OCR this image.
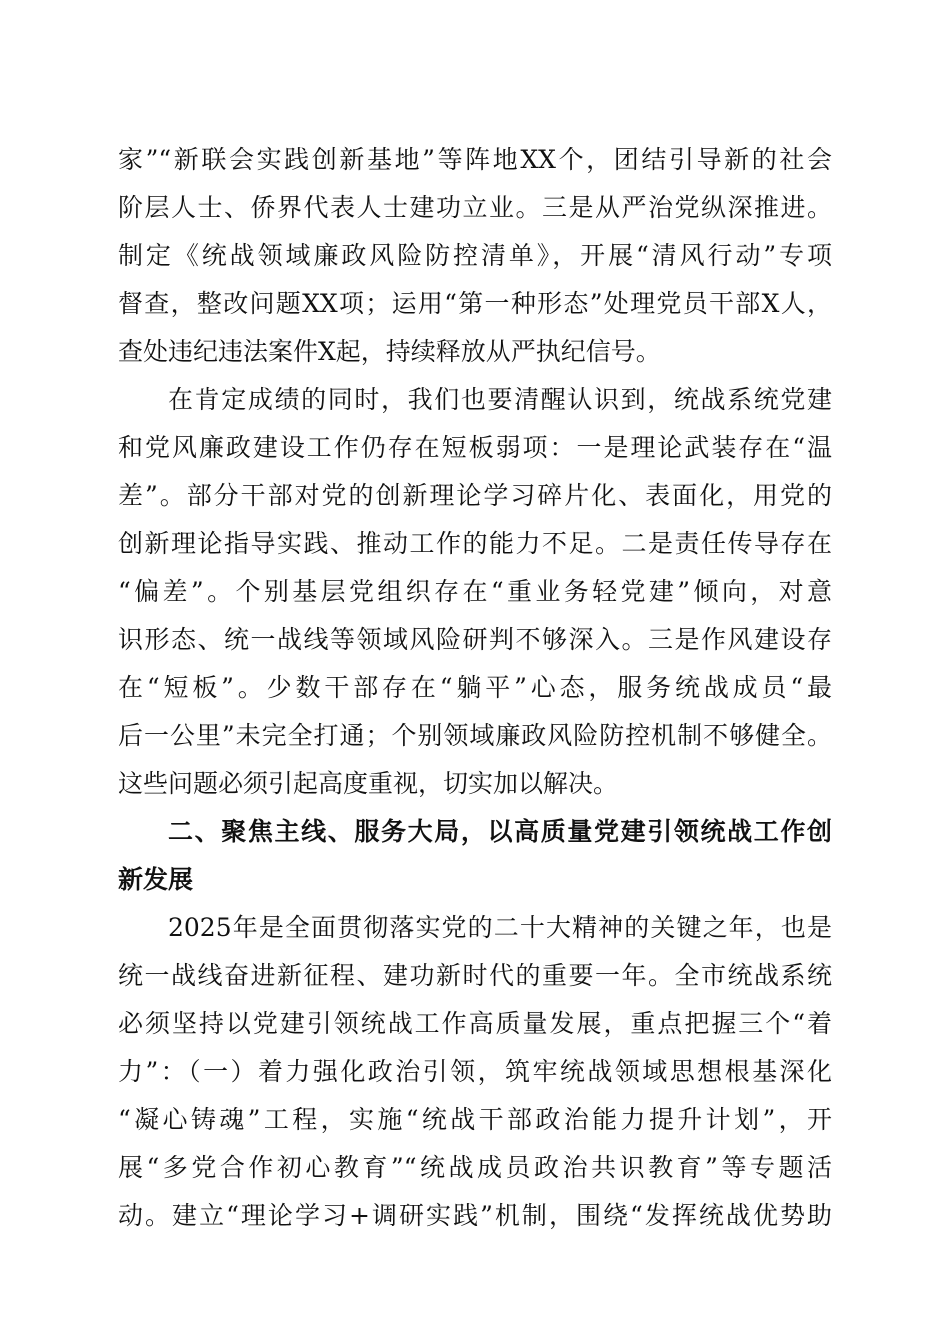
家”“新联会实践创新基地”等阵地XX个，团结引导新的社会
阶层人士、侨界代表人士建功立业。三是从严治党纵深推进。
制定《统战领域廉政风险防控清单》，开展“清风行动”专项
督查，整改问题XX项；运用“第一种形态”处理党员干部X人，
查处违纪违法案件X起，持续释放从严执纪信号。
在肯定成绩的同时，我们也要清醒认识到，统战系统党建
和党风廉政建设工作仍存在短板弱项：一是理论武装存在“温
差”。部分干部对党的创新理论学习碎片化、表面化，用党的
创新理论指导实践、推动工作的能力不足。二是责任传导存在
“偏差”。个别基层党组织存在“重业务轻党建”倾向，对意
识形态、统一战线等领域风险研判不够深入。三是作风建设存
在“短板”。少数干部存在“躺平”心态，服务统战成员“最
后一公里”未完全打通；个别领域廉政风险防控机制不够健全。
这些问题必须引起高度重视，切实加以解决。
二、聚焦主线、服务大局，以高质量党建引领统战工作创
新发展
2025年是全面贯彻落实党的二十大精神的关键之年，也是
统一战线奋进新征程、建功新时代的重要一年。全市统战系统
必须坚持以党建引领统战工作高质量发展，重点把握三个“着
力”：（一）着力强化政治引领，筑牢统战领域思想根基深化
“凝心铸魂”工程，实施“统战干部政治能力提升计划”，开
展“多党合作初心教育”“统战成员政治共识教育”等专题活
动。建立“理论学习+调研实践”机制，围绕“发挥统战优势助
